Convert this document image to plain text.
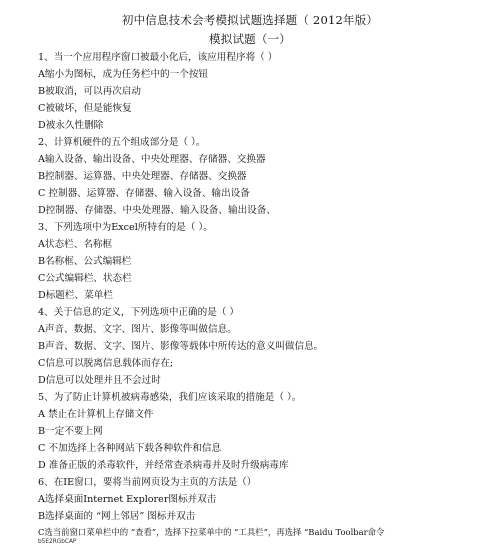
初中信息技术会考模拟试题选择题（ 2012年版）
模拟试题（一）
1、当一个应用程序窗口被最小化后，该应用程序将（ ）
A缩小为图标，成为任务栏中的一个按钮
B被取消，可以再次启动
C被破坏，但是能恢复
D被永久性删除
2、计算机硬件的五个组成部分是（ ）。
A输入设备、输出设备、中央处理器、存储器、交换器
B控制器、运算器、中央处理器、存储器、交换器
C 控制器、运算器、存储器、输入设备、输出设备
D控制器、存储器、中央处理器、输入设备、输出设备、
3、下列选项中为Excel所特有的是（ ）。
A状态栏、名称框
B名称框、公式编辑栏
C公式编辑栏、状态栏
D标题栏、菜单栏
4、关于信息的定义，下列选项中正确的是（ ）
A声音、数据、文字、图片、影像等叫做信息。
B声音、数据、文字、图片、影像等载体中所传达的意义叫做信息。
C信息可以脱离信息载体而存在;
D信息可以处理并且不会过时
5、为了防止计算机被病毒感染，我们应该采取的措施是（ ）。
A 禁止在计算机上存储文件
B一定不要上网
C 不加选择上各种网站下载各种软件和信息
D 准备正版的杀毒软件，并经常查杀病毒并及时升级病毒库
6、在IE窗口，要将当前网页设为主页的方法是（）
A选择桌面Internet Explorer图标并双击
B选择桌面的 “网上邻居” 图标并双击
C选当前窗口菜单栏中的 “查看”，选择下拉菜单中的 “工具栏”，再选择 “Baidu Toolbar命令
b5E2RGbCAP
